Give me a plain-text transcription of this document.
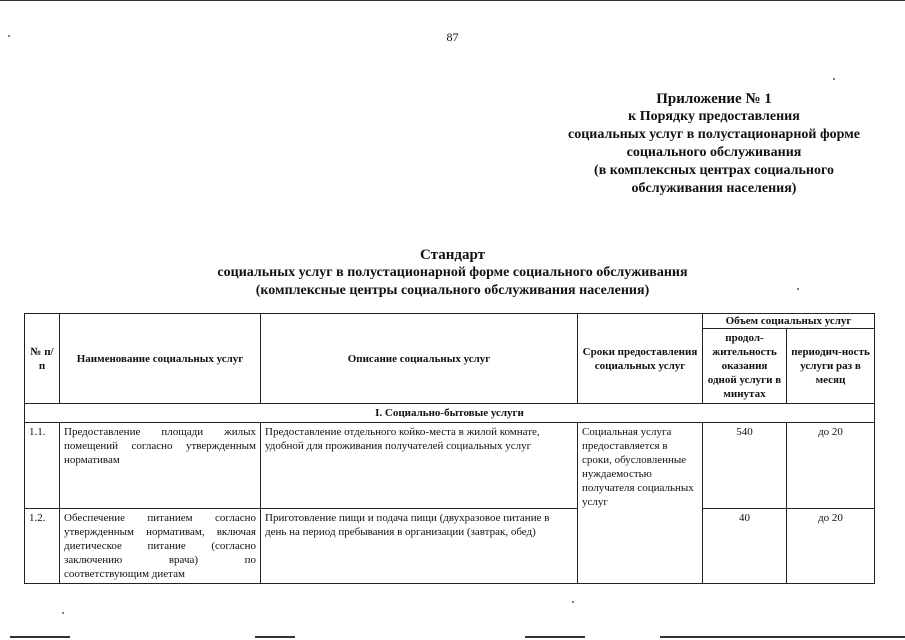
87
Приложение № 1
к Порядку предоставления
социальных услуг в полустационарной форме
социального обслуживания
(в комплексных центрах социального
обслуживания населения)
Стандарт
социальных услуг в полустационарной форме социального обслуживания
(комплексные центры социального обслуживания населения)
№ п/п	Наименование социальных услуг	Описание социальных услуг	Сроки предоставления социальных услуг	Объем социальных услуг	
				продол-жительность оказания одной услуги в минутах	периодич-ность услуги раз в месяц
I. Социально-бытовые услуги					
1.1.	Предоставление площади жилых помещений согласно утвержденным нормативам	Предоставление отдельного койко-места в жилой комнате, удобной для проживания получателей социальных услуг	Социальная услуга предоставляется в сроки, обусловленные нуждаемостью получателя социальных услуг	540	до 20
1.2.	Обеспечение питанием согласно утвержденным нормативам, включая диетическое питание (согласно заключению врача) по соответствующим диетам	Приготовление пищи и подача пищи (двухразовое питание в день на период пребывания в организации (завтрак, обед)		40	до 20
